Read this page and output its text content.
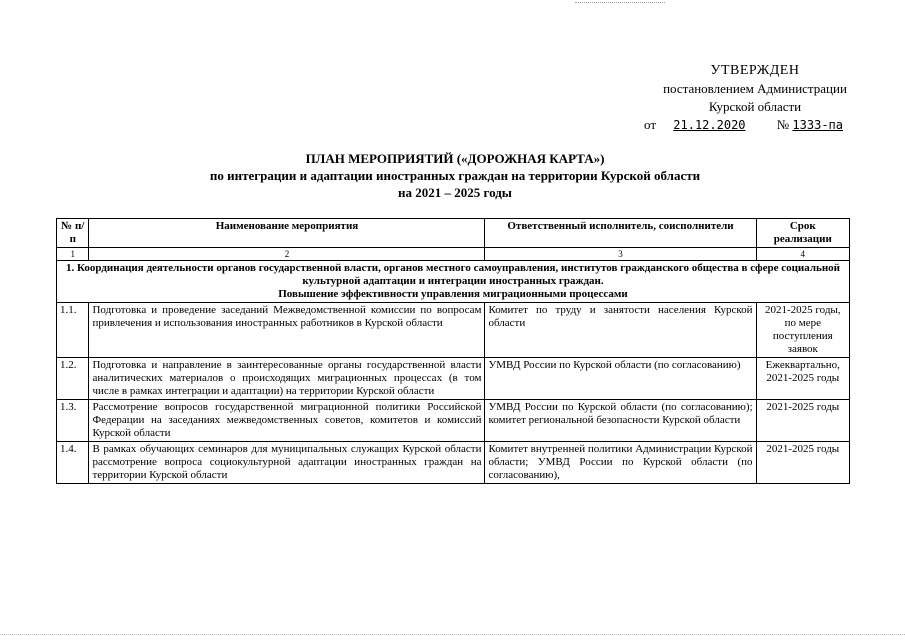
УТВЕРЖДЕН
постановлением Администрации
Курской области
от 21.12.2020 № 1333-па
ПЛАН МЕРОПРИЯТИЙ («ДОРОЖНАЯ КАРТА»)
по интеграции и адаптации иностранных граждан на территории Курской области
на 2021 – 2025 годы
№ п/п	Наименование мероприятия	Ответственный исполнитель, соисполнители	Срок реализации
1	2	3	4

1. Координация деятельности органов государственной власти, органов местного самоуправления, институтов гражданского общества в сфере социальной культурной адаптации и интеграции иностранных граждан.
Повышение эффективности управления миграционными процессами			

1.1.	Подготовка и проведение заседаний Межведомственной комиссии по вопросам привлечения и использования иностранных работников в Курской области	Комитет по труду и занятости населения Курской области	2021-2025 годы, по мере поступления заявок
1.2.	Подготовка и направление в заинтересованные органы государственной власти аналитических материалов о происходящих миграционных процессах (в том числе в рамках интеграции и адаптации) на территории Курской области	УМВД России по Курской области (по согласованию)	Ежеквартально, 2021-2025 годы
1.3.	Рассмотрение вопросов государственной миграционной политики Российской Федерации на заседаниях межведомственных советов, комитетов и комиссий Курской области	УМВД России по Курской области (по согласованию); комитет региональной безопасности Курской области	2021-2025 годы
1.4.	В рамках обучающих семинаров для муниципальных служащих Курской области рассмотрение вопроса социокультурной адаптации иностранных граждан на территории Курской области	Комитет внутренней политики Администрации Курской области; УМВД России по Курской области (по согласованию),	2021-2025 годы
